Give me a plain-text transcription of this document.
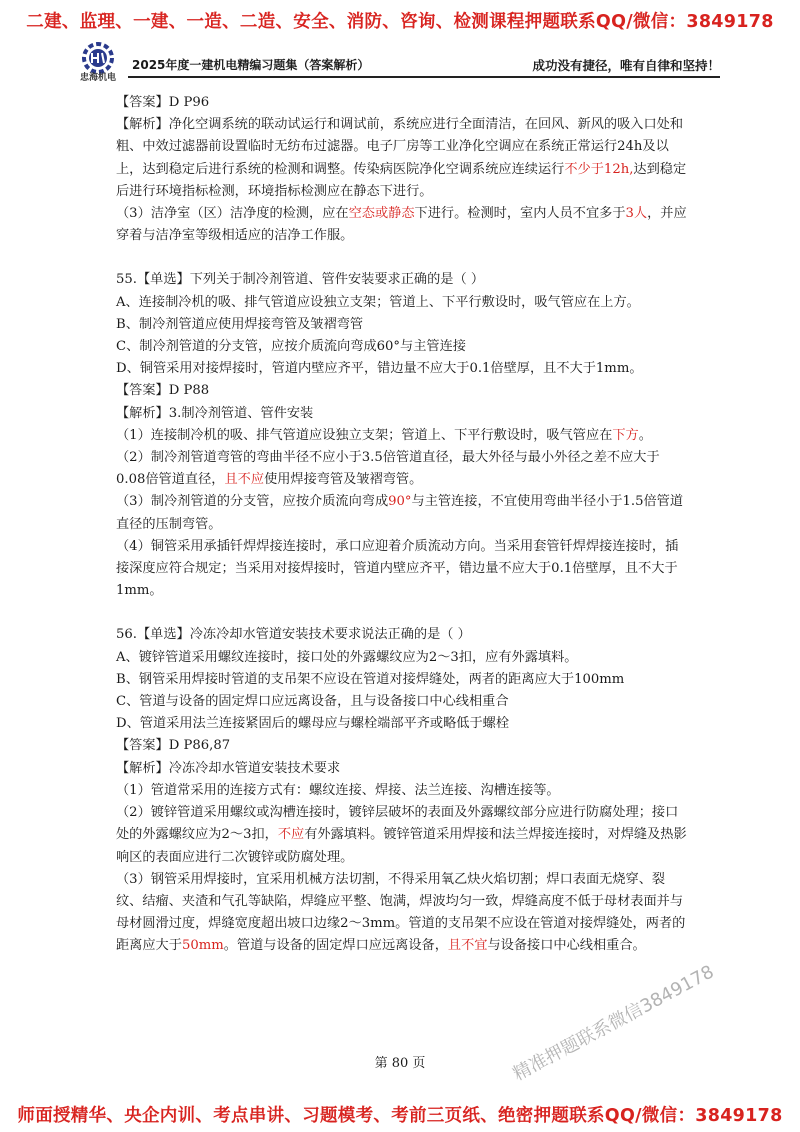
二建、监理、一建、一造、二造、安全、消防、咨询、检测课程押题联系QQ/微信：3849178
忠海机电
2025年度一建机电精编习题集（答案解析）	成功没有捷径，唯有自律和坚持！

【答案】D P96

【解析】净化空调系统的联动试运行和调试前，系统应进行全面清洁，在回风、新风的吸入口处和粗、中效过滤器前设置临时无纺布过滤器。电子厂房等工业净化空调应在系统正常运行24h及以上，达到稳定后进行系统的检测和调整。传染病医院净化空调系统应连续运行不少于12h,达到稳定后进行环境指标检测，环境指标检测应在静态下进行。

（3）洁净室（区）洁净度的检测，应在空态或静态下进行。检测时，室内人员不宜多于3人，并应穿着与洁净室等级相适应的洁净工作服。

55.【单选】下列关于制冷剂管道、管件安装要求正确的是（ ）

A、连接制冷机的吸、排气管道应设独立支架；管道上、下平行敷设时，吸气管应在上方。

B、制冷剂管道应使用焊接弯管及皱褶弯管

C、制冷剂管道的分支管，应按介质流向弯成60°与主管连接

D、铜管采用对接焊接时，管道内壁应齐平，错边量不应大于0.1倍壁厚，且不大于1mm。

【答案】D P88

【解析】3.制冷剂管道、管件安装

（1）连接制冷机的吸、排气管道应设独立支架；管道上、下平行敷设时，吸气管应在下方。

（2）制冷剂管道弯管的弯曲半径不应小于3.5倍管道直径，最大外径与最小外径之差不应大于0.08倍管道直径，且不应使用焊接弯管及皱褶弯管。

（3）制冷剂管道的分支管，应按介质流向弯成90°与主管连接，不宜使用弯曲半径小于1.5倍管道直径的压制弯管。

（4）铜管采用承插钎焊焊接连接时，承口应迎着介质流动方向。当采用套管钎焊焊接连接时，插接深度应符合规定；当采用对接焊接时，管道内壁应齐平，错边量不应大于0.1倍壁厚，且不大于1mm。

56.【单选】冷冻冷却水管道安装技术要求说法正确的是（ ）

A、镀锌管道采用螺纹连接时，接口处的外露螺纹应为2～3扣，应有外露填料。

B、钢管采用焊接时管道的支吊架不应设在管道对接焊缝处，两者的距离应大于100mm

C、管道与设备的固定焊口应远离设备，且与设备接口中心线相重合

D、管道采用法兰连接紧固后的螺母应与螺栓端部平齐或略低于螺栓

【答案】D P86,87

【解析】冷冻冷却水管道安装技术要求

（1）管道常采用的连接方式有：螺纹连接、焊接、法兰连接、沟槽连接等。

（2）镀锌管道采用螺纹或沟槽连接时，镀锌层破坏的表面及外露螺纹部分应进行防腐处理；接口处的外露螺纹应为2～3扣，不应有外露填料。镀锌管道采用焊接和法兰焊接连接时，对焊缝及热影响区的表面应进行二次镀锌或防腐处理。

（3）钢管采用焊接时，宜采用机械方法切割，不得采用氧乙炔火焰切割；焊口表面无烧穿、裂纹、结瘤、夹渣和气孔等缺陷，焊缝应平整、饱满，焊波均匀一致，焊缝高度不低于母材表面并与母材圆滑过度，焊缝宽度超出坡口边缘2～3mm。管道的支吊架不应设在管道对接焊缝处，两者的距离应大于50mm。管道与设备的固定焊口应远离设备，且不宜与设备接口中心线相重合。

第 80 页	精准押题联系微信3849178
师面授精华、央企内训、考点串讲、习题模考、考前三页纸、绝密押题联系QQ/微信：3849178
